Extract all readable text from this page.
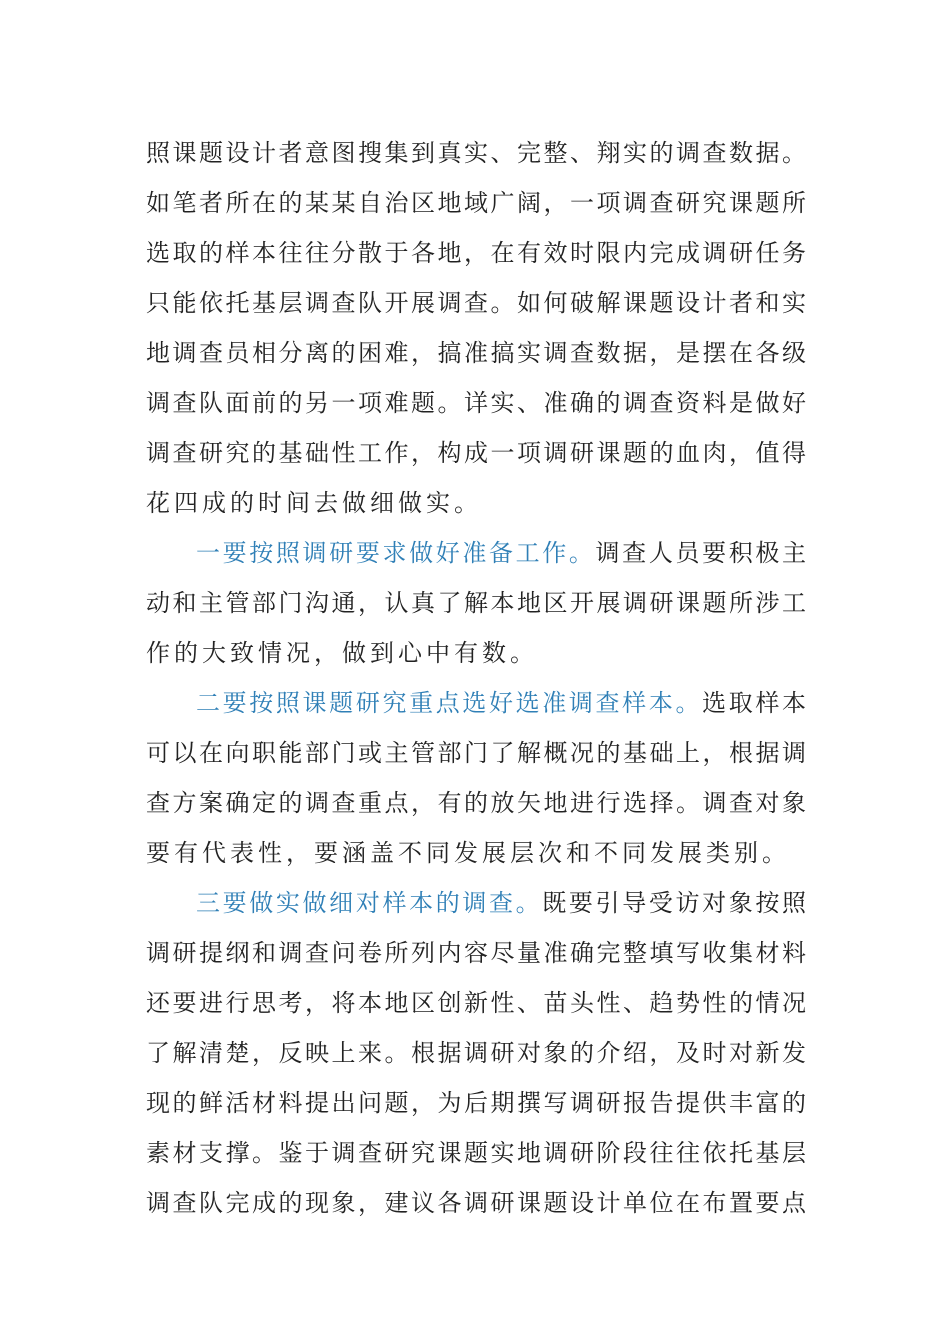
照课题设计者意图搜集到真实、完整、翔实的调查数据。
如笔者所在的某某自治区地域广阔，一项调查研究课题所
选取的样本往往分散于各地，在有效时限内完成调研任务
只能依托基层调查队开展调查。如何破解课题设计者和实
地调查员相分离的困难，搞准搞实调查数据，是摆在各级
调查队面前的另一项难题。详实、准确的调查资料是做好
调查研究的基础性工作，构成一项调研课题的血肉，值得
花四成的时间去做细做实。
一要按照调研要求做好准备工作。调查人员要积极主
动和主管部门沟通，认真了解本地区开展调研课题所涉工
作的大致情况，做到心中有数。
二要按照课题研究重点选好选准调查样本。选取样本
可以在向职能部门或主管部门了解概况的基础上，根据调
查方案确定的调查重点，有的放矢地进行选择。调查对象
要有代表性，要涵盖不同发展层次和不同发展类别。
三要做实做细对样本的调查。既要引导受访对象按照
调研提纲和调查问卷所列内容尽量准确完整填写收集材料
还要进行思考，将本地区创新性、苗头性、趋势性的情况
了解清楚，反映上来。根据调研对象的介绍，及时对新发
现的鲜活材料提出问题，为后期撰写调研报告提供丰富的
素材支撑。鉴于调查研究课题实地调研阶段往往依托基层
调查队完成的现象，建议各调研课题设计单位在布置要点
